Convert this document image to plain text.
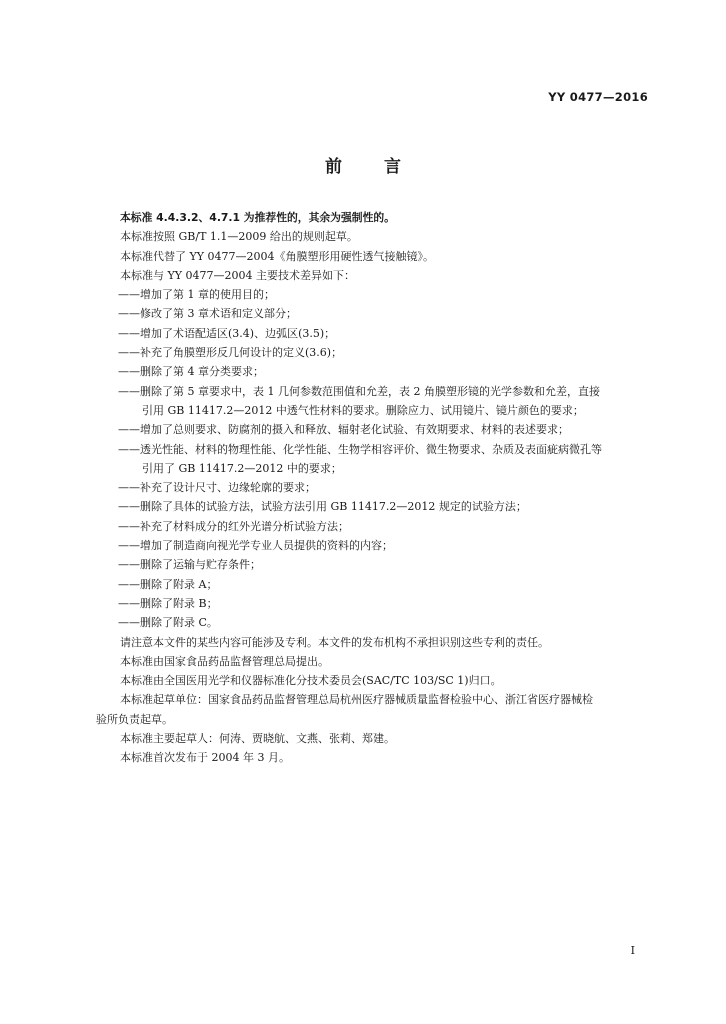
YY 0477—2016
前言

本标准 4.4.3.2、4.7.1 为推荐性的，其余为强制性的。

本标准按照 GB/T 1.1—2009 给出的规则起草。

本标准代替了 YY 0477—2004《角膜塑形用硬性透气接触镜》。

本标准与 YY 0477—2004 主要技术差异如下：

——增加了第 1 章的使用目的；

——修改了第 3 章术语和定义部分；

——增加了术语配适区(3.4)、边弧区(3.5)；

——补充了角膜塑形反几何设计的定义(3.6)；

——删除了第 4 章分类要求；

——删除了第 5 章要求中，表 1 几何参数范围值和允差，表 2 角膜塑形镜的光学参数和允差，直接
引用 GB 11417.2—2012 中透气性材料的要求。删除应力、试用镜片、镜片颜色的要求；

——增加了总则要求、防腐剂的摄入和释放、辐射老化试验、有效期要求、材料的表述要求；

——透光性能、材料的物理性能、化学性能、生物学相容评价、微生物要求、杂质及表面疵病微孔等
引用了 GB 11417.2—2012 中的要求；

——补充了设计尺寸、边缘轮廓的要求；

——删除了具体的试验方法，试验方法引用 GB 11417.2—2012 规定的试验方法；

——补充了材料成分的红外光谱分析试验方法；

——增加了制造商向视光学专业人员提供的资料的内容；

——删除了运输与贮存条件；

——删除了附录 A；

——删除了附录 B；

——删除了附录 C。

请注意本文件的某些内容可能涉及专利。本文件的发布机构不承担识别这些专利的责任。

本标准由国家食品药品监督管理总局提出。

本标准由全国医用光学和仪器标准化分技术委员会(SAC/TC 103/SC 1)归口。

本标准起草单位：国家食品药品监督管理总局杭州医疗器械质量监督检验中心、浙江省医疗器械检
验所负责起草。

本标准主要起草人：何涛、贾晓航、文燕、张莉、郑建。

本标准首次发布于 2004 年 3 月。

I
